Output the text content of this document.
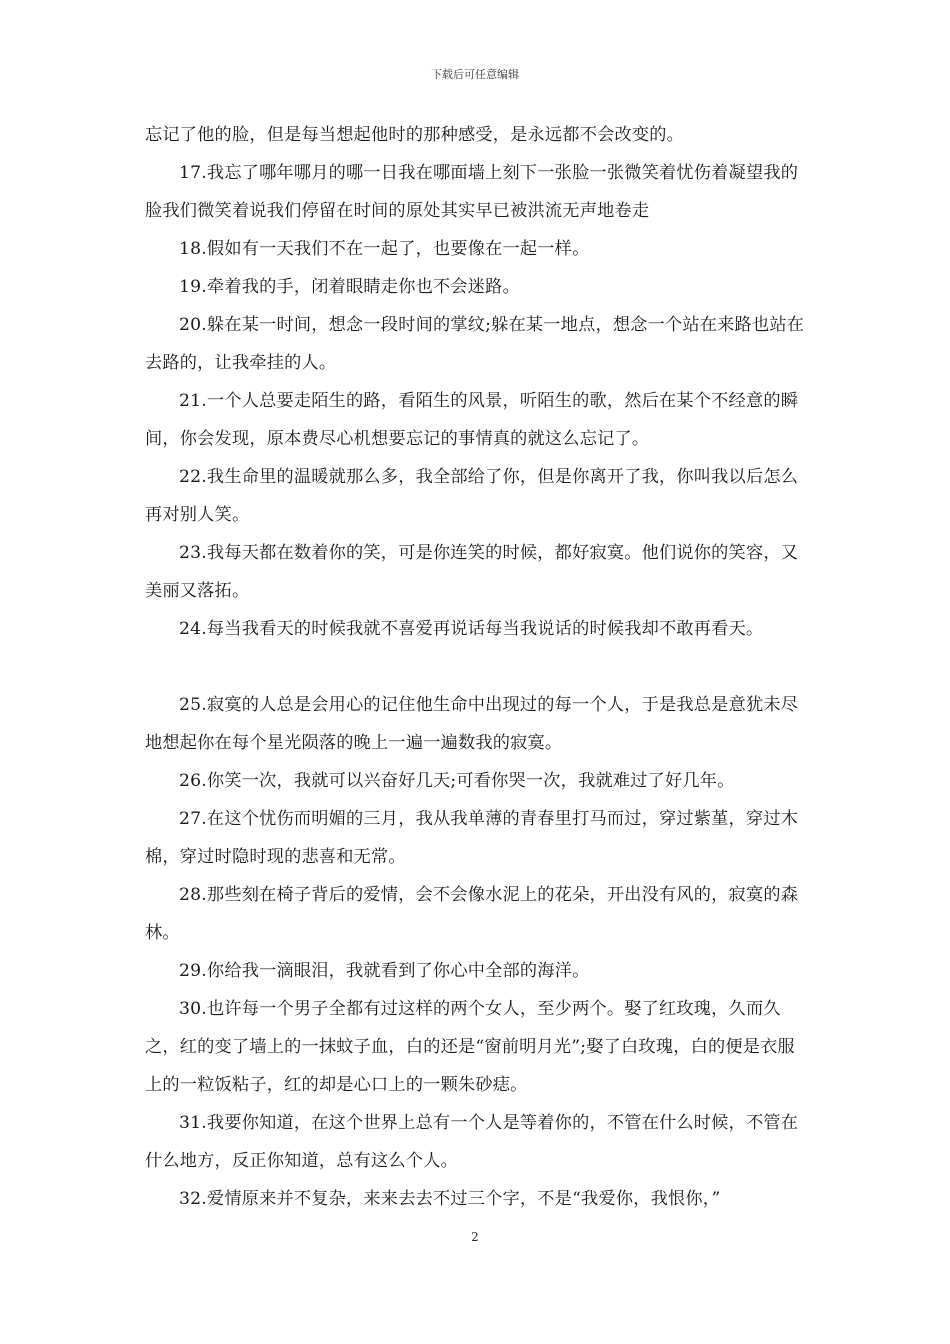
下载后可任意编辑

忘记了他的脸，但是每当想起他时的那种感受，是永远都不会改变的。

17.我忘了哪年哪月的哪一日我在哪面墙上刻下一张脸一张微笑着忧伤着凝望我的脸我们微笑着说我们停留在时间的原处其实早已被洪流无声地卷走

18.假如有一天我们不在一起了，也要像在一起一样。

19.牵着我的手，闭着眼睛走你也不会迷路。

20.躲在某一时间，想念一段时间的掌纹;躲在某一地点，想念一个站在来路也站在去路的，让我牵挂的人。

21.一个人总要走陌生的路，看陌生的风景，听陌生的歌，然后在某个不经意的瞬间，你会发现，原本费尽心机想要忘记的事情真的就这么忘记了。

22.我生命里的温暖就那么多，我全部给了你，但是你离开了我，你叫我以后怎么再对别人笑。

23.我每天都在数着你的笑，可是你连笑的时候，都好寂寞。他们说你的笑容，又美丽又落拓。

24.每当我看天的时候我就不喜爱再说话每当我说话的时候我却不敢再看天。

25.寂寞的人总是会用心的记住他生命中出现过的每一个人，于是我总是意犹未尽地想起你在每个星光陨落的晚上一遍一遍数我的寂寞。

26.你笑一次，我就可以兴奋好几天;可看你哭一次，我就难过了好几年。

27.在这个忧伤而明媚的三月，我从我单薄的青春里打马而过，穿过紫堇，穿过木棉，穿过时隐时现的悲喜和无常。

28.那些刻在椅子背后的爱情，会不会像水泥上的花朵，开出没有风的，寂寞的森林。

29.你给我一滴眼泪，我就看到了你心中全部的海洋。

30.也许每一个男子全都有过这样的两个女人，至少两个。娶了红玫瑰，久而久之，红的变了墙上的一抹蚊子血，白的还是“窗前明月光”;娶了白玫瑰，白的便是衣服上的一粒饭粘子，红的却是心口上的一颗朱砂痣。

31.我要你知道，在这个世界上总有一个人是等着你的，不管在什么时候，不管在什么地方，反正你知道，总有这么个人。

32.爱情原来并不复杂，来来去去不过三个字，不是“我爱你，我恨你，”

2
